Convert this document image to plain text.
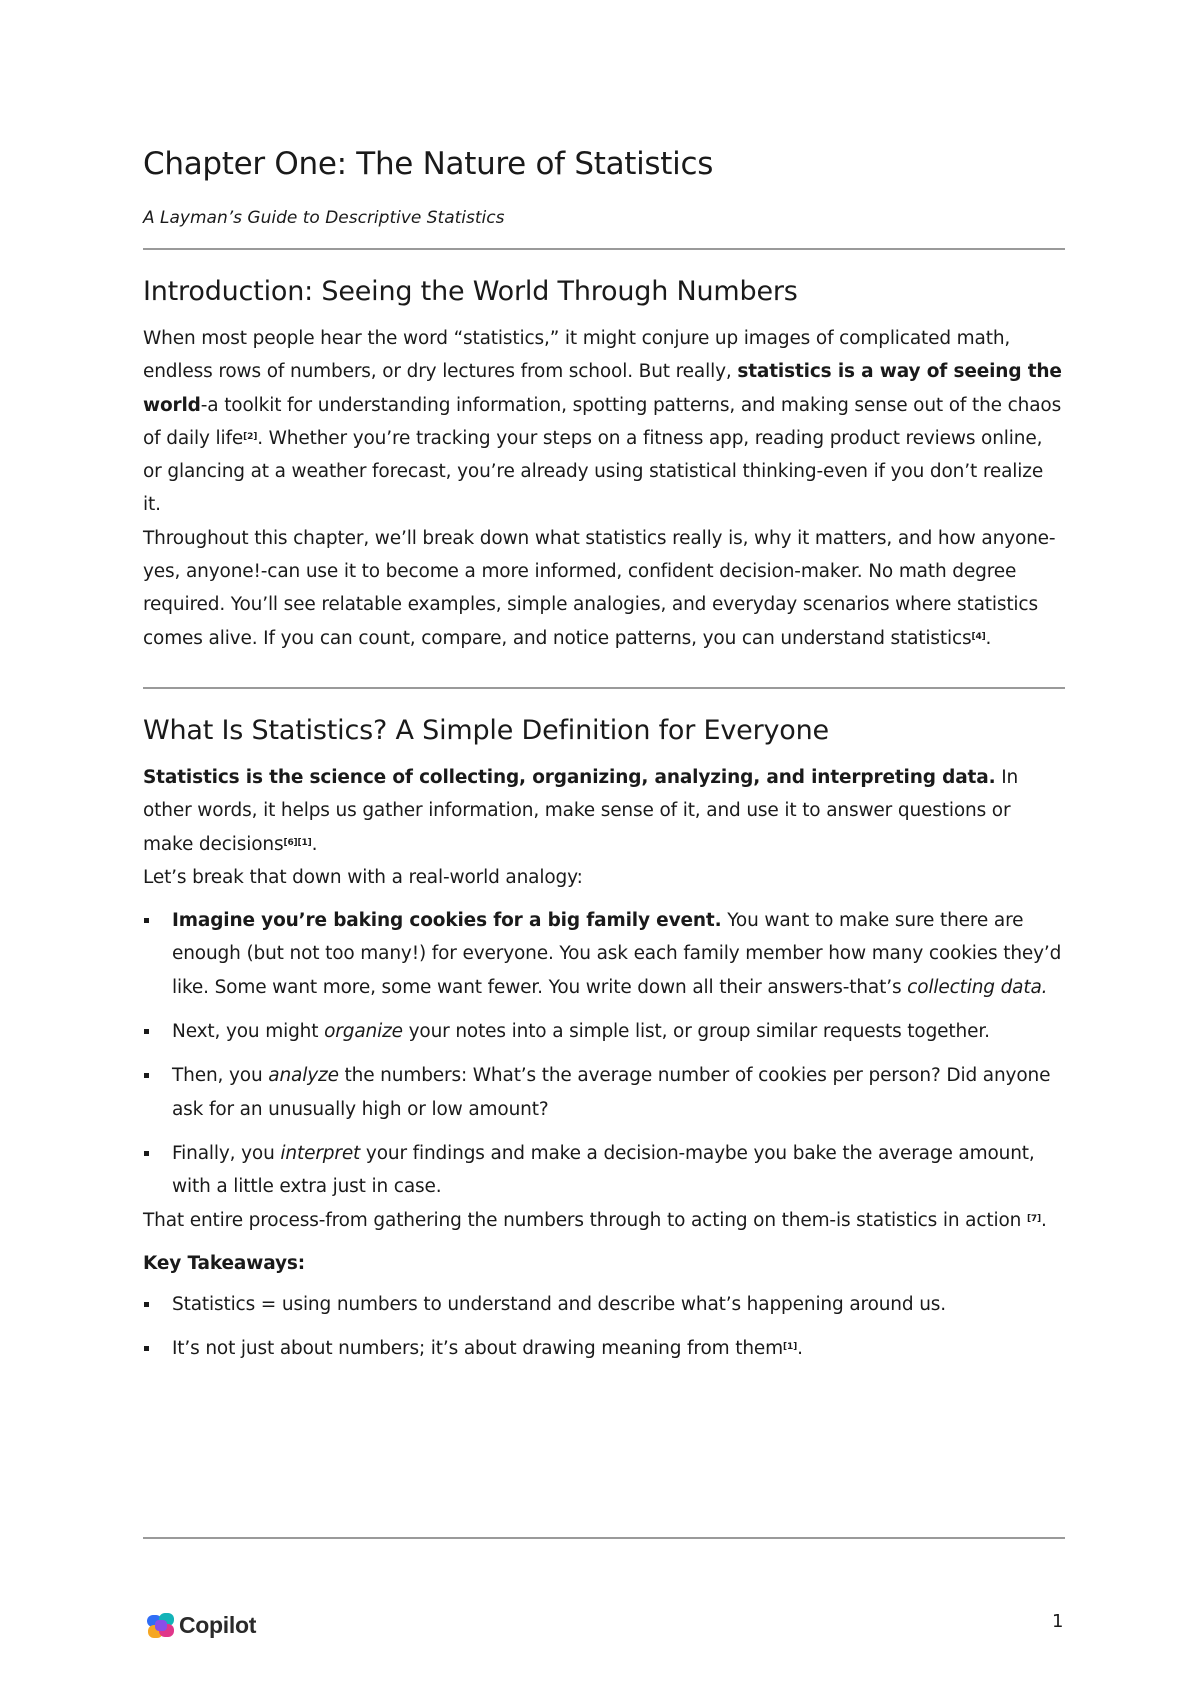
Chapter One: The Nature of Statistics

A Layman’s Guide to Descriptive Statistics

Introduction: Seeing the World Through Numbers

When most people hear the word “statistics,” it might conjure up images of complicated math, endless rows of numbers, or dry lectures from school. But really, statistics is a way of seeing the world-a toolkit for understanding information, spotting patterns, and making sense out of the chaos of daily life[2]. Whether you’re tracking your steps on a fitness app, reading product reviews online, or glancing at a weather forecast, you’re already using statistical thinking-even if you don’t realize it.

Throughout this chapter, we’ll break down what statistics really is, why it matters, and how anyone-yes, anyone!-can use it to become a more informed, confident decision-maker. No math degree required. You’ll see relatable examples, simple analogies, and everyday scenarios where statistics comes alive. If you can count, compare, and notice patterns, you can understand statistics[4].

What Is Statistics? A Simple Definition for Everyone

Statistics is the science of collecting, organizing, analyzing, and interpreting data. In other words, it helps us gather information, make sense of it, and use it to answer questions or make decisions[6][1].

Let’s break that down with a real-world analogy:

Imagine you’re baking cookies for a big family event. You want to make sure there are enough (but not too many!) for everyone. You ask each family member how many cookies they’d like. Some want more, some want fewer. You write down all their answers-that’s collecting data.
Next, you might organize your notes into a simple list, or group similar requests together.
Then, you analyze the numbers: What’s the average number of cookies per person? Did anyone ask for an unusually high or low amount?
Finally, you interpret your findings and make a decision-maybe you bake the average amount, with a little extra just in case.

That entire process-from gathering the numbers through to acting on them-is statistics in action [7].

Key Takeaways:

Statistics = using numbers to understand and describe what’s happening around us.
It’s not just about numbers; it’s about drawing meaning from them[1].
Copilot	1
